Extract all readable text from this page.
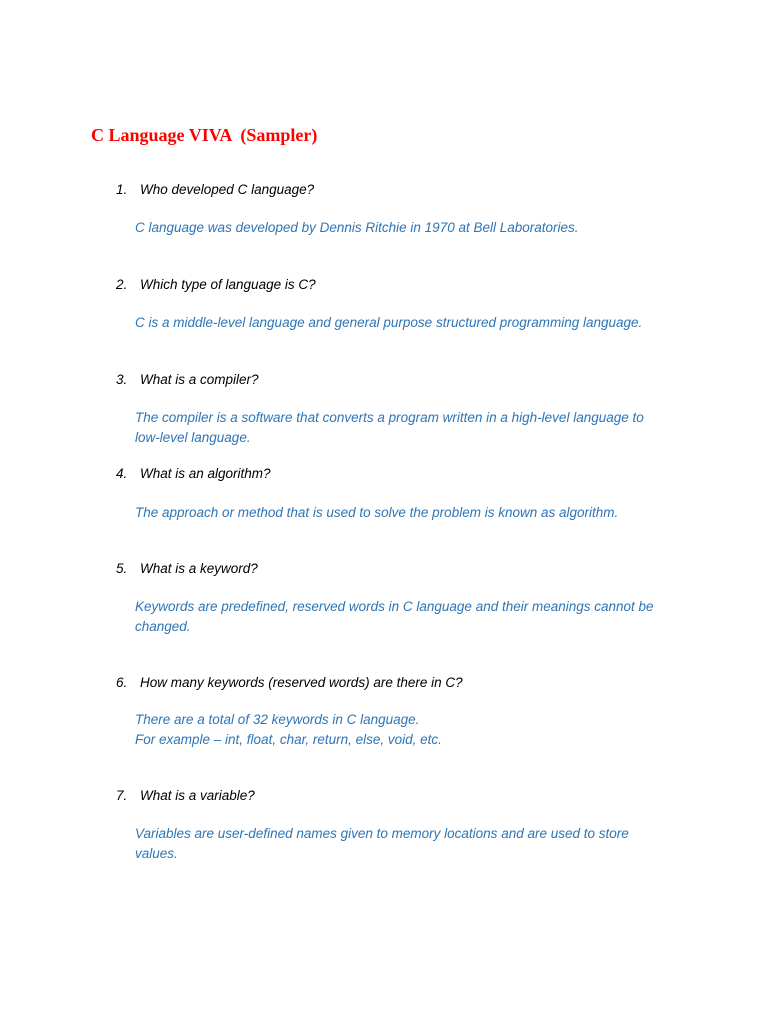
C Language VIVA  (Sampler)
1. Who developed C language?
C language was developed by Dennis Ritchie in 1970 at Bell Laboratories.
2. Which type of language is C?
C is a middle-level language and general purpose structured programming language.
3. What is a compiler?
The compiler is a software that converts a program written in a high-level language to
low-level language.
4. What is an algorithm?
The approach or method that is used to solve the problem is known as algorithm.
5. What is a keyword?
Keywords are predefined, reserved words in C language and their meanings cannot be
changed.
6. How many keywords (reserved words) are there in C?
There are a total of 32 keywords in C language.
For example – int, float, char, return, else, void, etc.
7. What is a variable?
Variables are user-defined names given to memory locations and are used to store
values.
